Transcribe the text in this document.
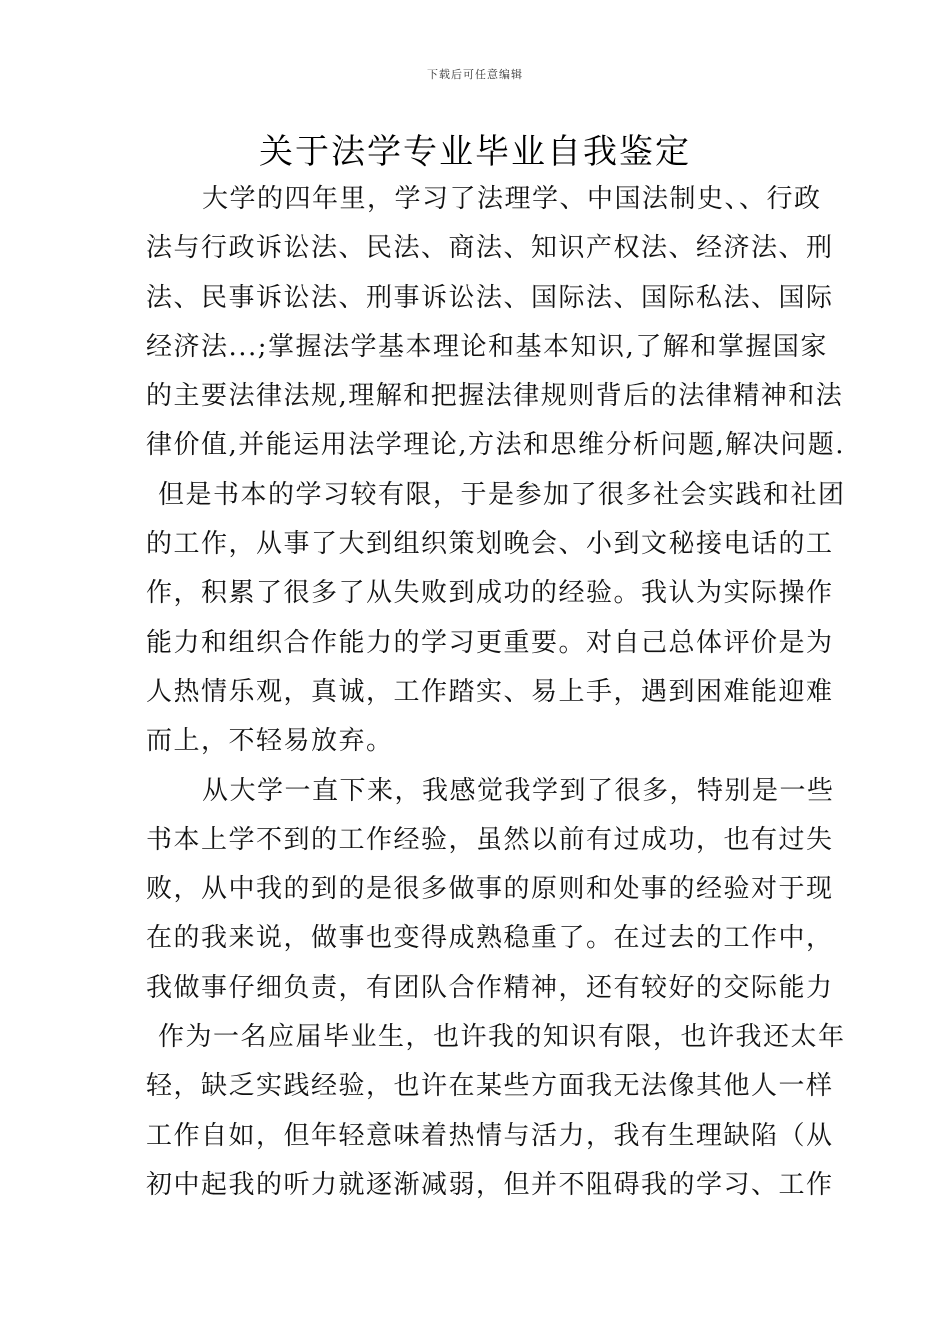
下载后可任意编辑
关于法学专业毕业自我鉴定
大学的四年里，学习了法理学、中国法制史、、行政
法与行政诉讼法、民法、商法、知识产权法、经济法、刑
法、民事诉讼法、刑事诉讼法、国际法、国际私法、国际
经济法...;掌握法学基本理论和基本知识,了解和掌握国家
的主要法律法规,理解和把握法律规则背后的法律精神和法
律价值,并能运用法学理论,方法和思维分析问题,解决问题.
但是书本的学习较有限，于是参加了很多社会实践和社团
的工作，从事了大到组织策划晚会、小到文秘接电话的工
作，积累了很多了从失败到成功的经验。我认为实际操作
能力和组织合作能力的学习更重要。对自己总体评价是为
人热情乐观，真诚，工作踏实、易上手，遇到困难能迎难
而上，不轻易放弃。
从大学一直下来，我感觉我学到了很多，特别是一些
书本上学不到的工作经验，虽然以前有过成功，也有过失
败，从中我的到的是很多做事的原则和处事的经验对于现
在的我来说，做事也变得成熟稳重了。在过去的工作中，
我做事仔细负责，有团队合作精神，还有较好的交际能力
作为一名应届毕业生，也许我的知识有限，也许我还太年
轻，缺乏实践经验，也许在某些方面我无法像其他人一样
工作自如，但年轻意味着热情与活力，我有生理缺陷（从
初中起我的听力就逐渐减弱，但并不阻碍我的学习、工作
